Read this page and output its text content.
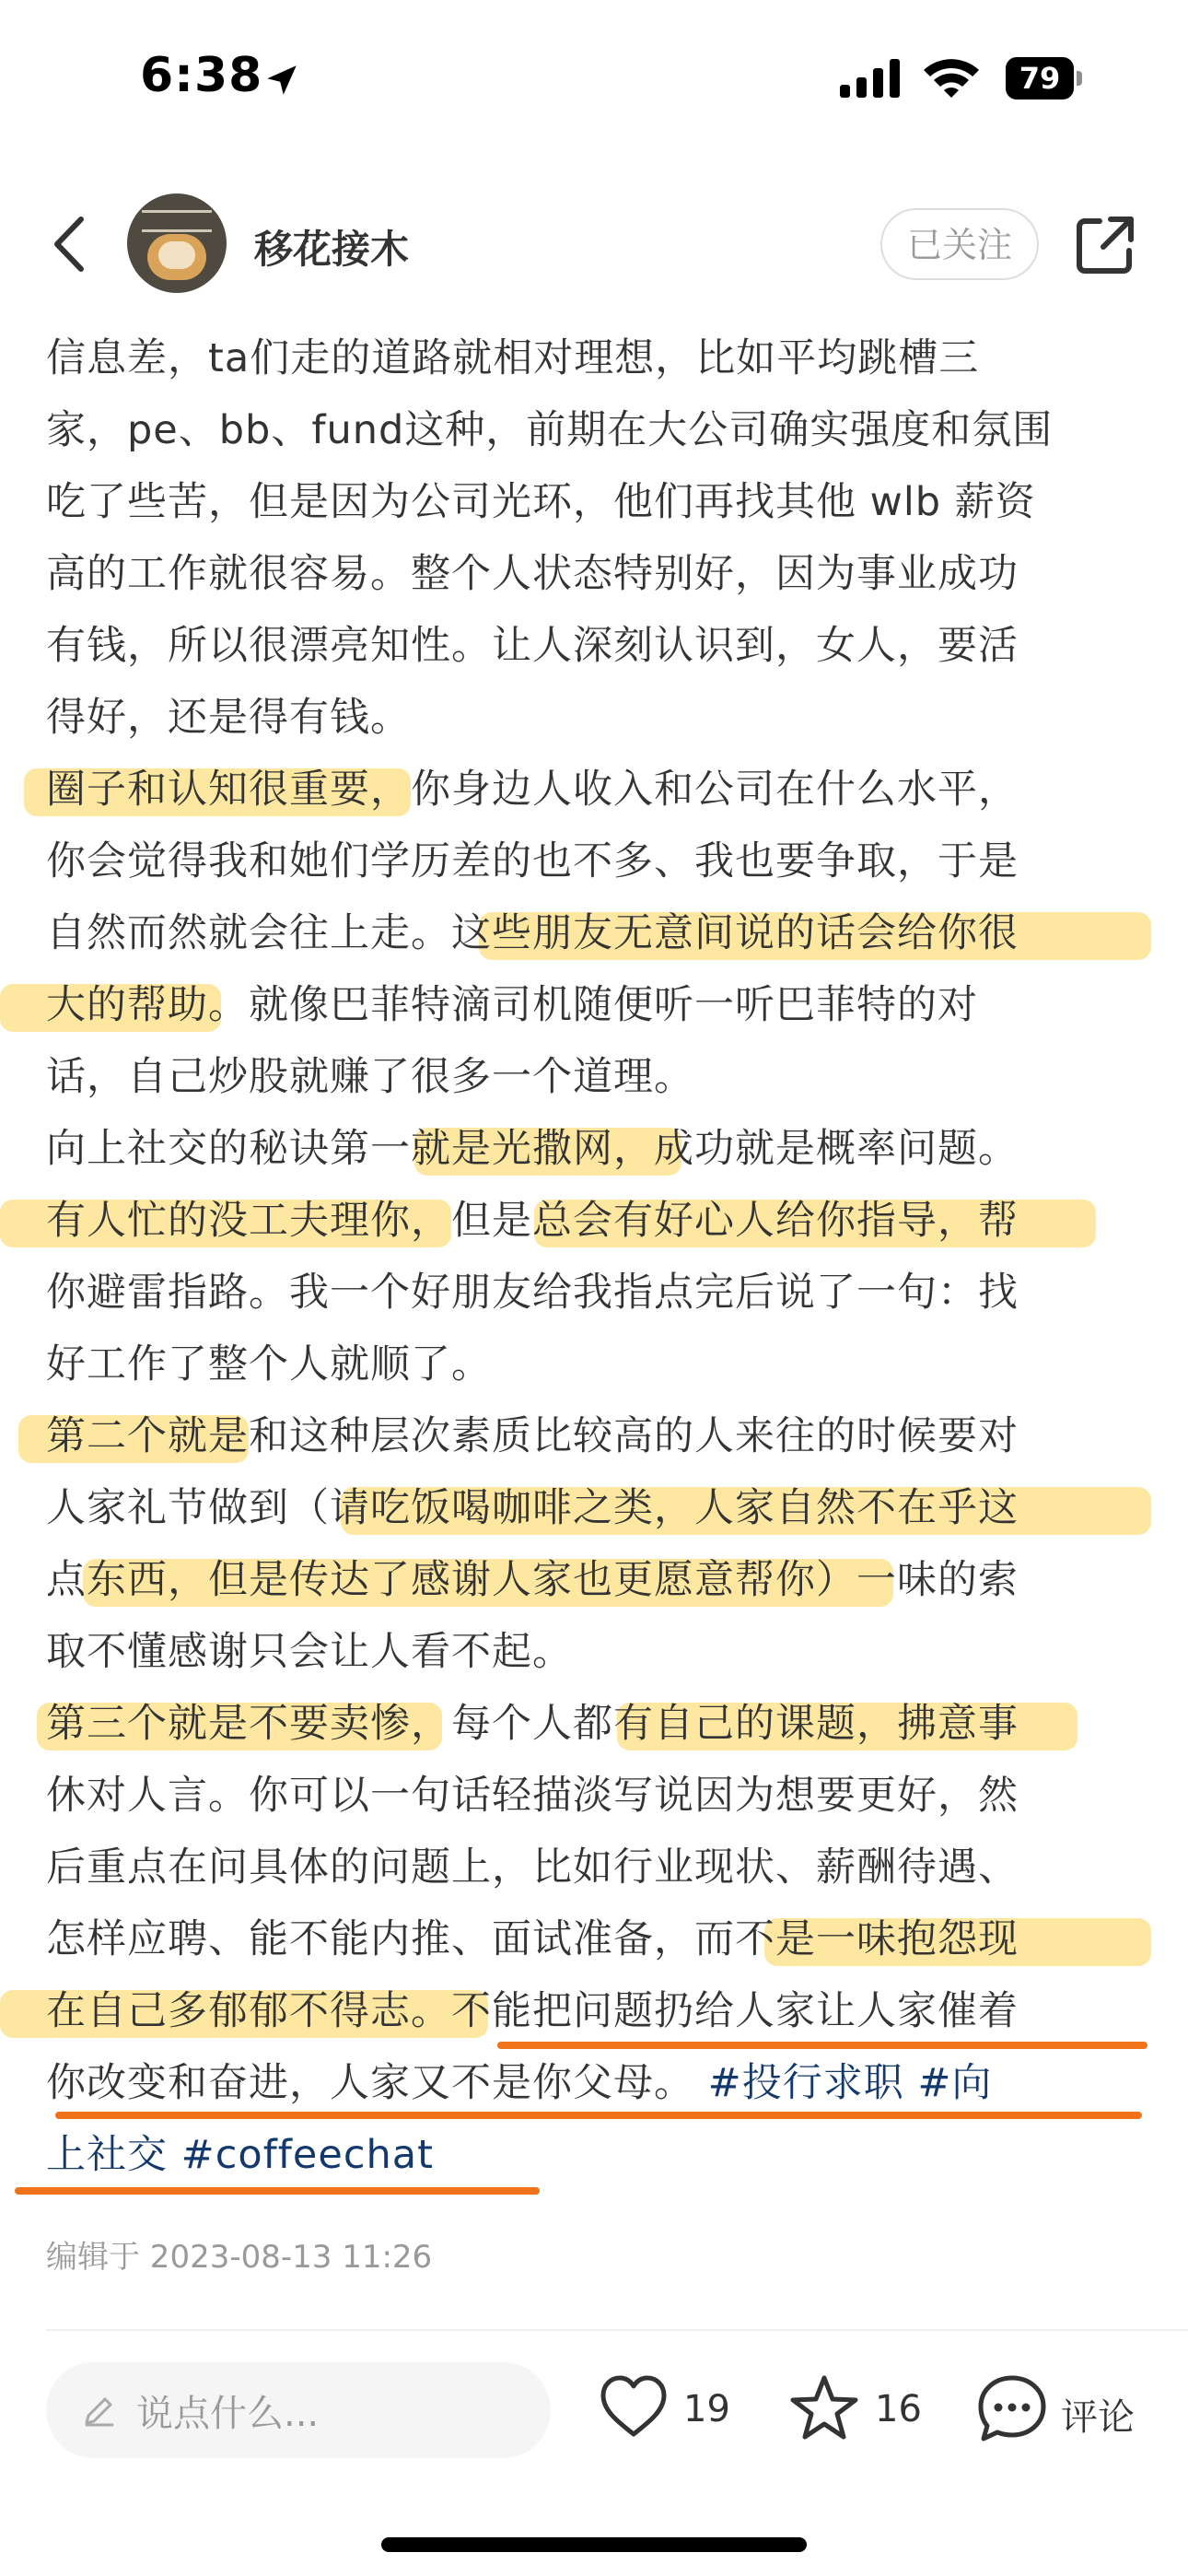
6:38	79
移花接木	已关注
信息差，ta们走的道路就相对理想，比如平均跳槽三
家，pe、bb、fund这种，前期在大公司确实强度和氛围
吃了些苦，但是因为公司光环，他们再找其他 wlb 薪资
高的工作就很容易。整个人状态特别好，因为事业成功
有钱，所以很漂亮知性。让人深刻认识到，女人，要活
得好，还是得有钱。
圈子和认知很重要，你身边人收入和公司在什么水平，
你会觉得我和她们学历差的也不多、我也要争取，于是
自然而然就会往上走。这些朋友无意间说的话会给你很
大的帮助。就像巴菲特滴司机随便听一听巴菲特的对
话，自己炒股就赚了很多一个道理。
向上社交的秘诀第一就是光撒网，成功就是概率问题。
有人忙的没工夫理你，但是总会有好心人给你指导，帮
你避雷指路。我一个好朋友给我指点完后说了一句：找
好工作了整个人就顺了。
第二个就是和这种层次素质比较高的人来往的时候要对
人家礼节做到（请吃饭喝咖啡之类，人家自然不在乎这
点东西，但是传达了感谢人家也更愿意帮你）一味的索
取不懂感谢只会让人看不起。
第三个就是不要卖惨，每个人都有自己的课题，拂意事
休对人言。你可以一句话轻描淡写说因为想要更好，然
后重点在问具体的问题上，比如行业现状、薪酬待遇、
怎样应聘、能不能内推、面试准备，而不是一味抱怨现
在自己多郁郁不得志。不能把问题扔给人家让人家催着
你改变和奋进，人家又不是你父母。 #投行求职 #向
上社交 #coffeechat
编辑于 2023-08-13 11:26
说点什么...	19	16	评论
